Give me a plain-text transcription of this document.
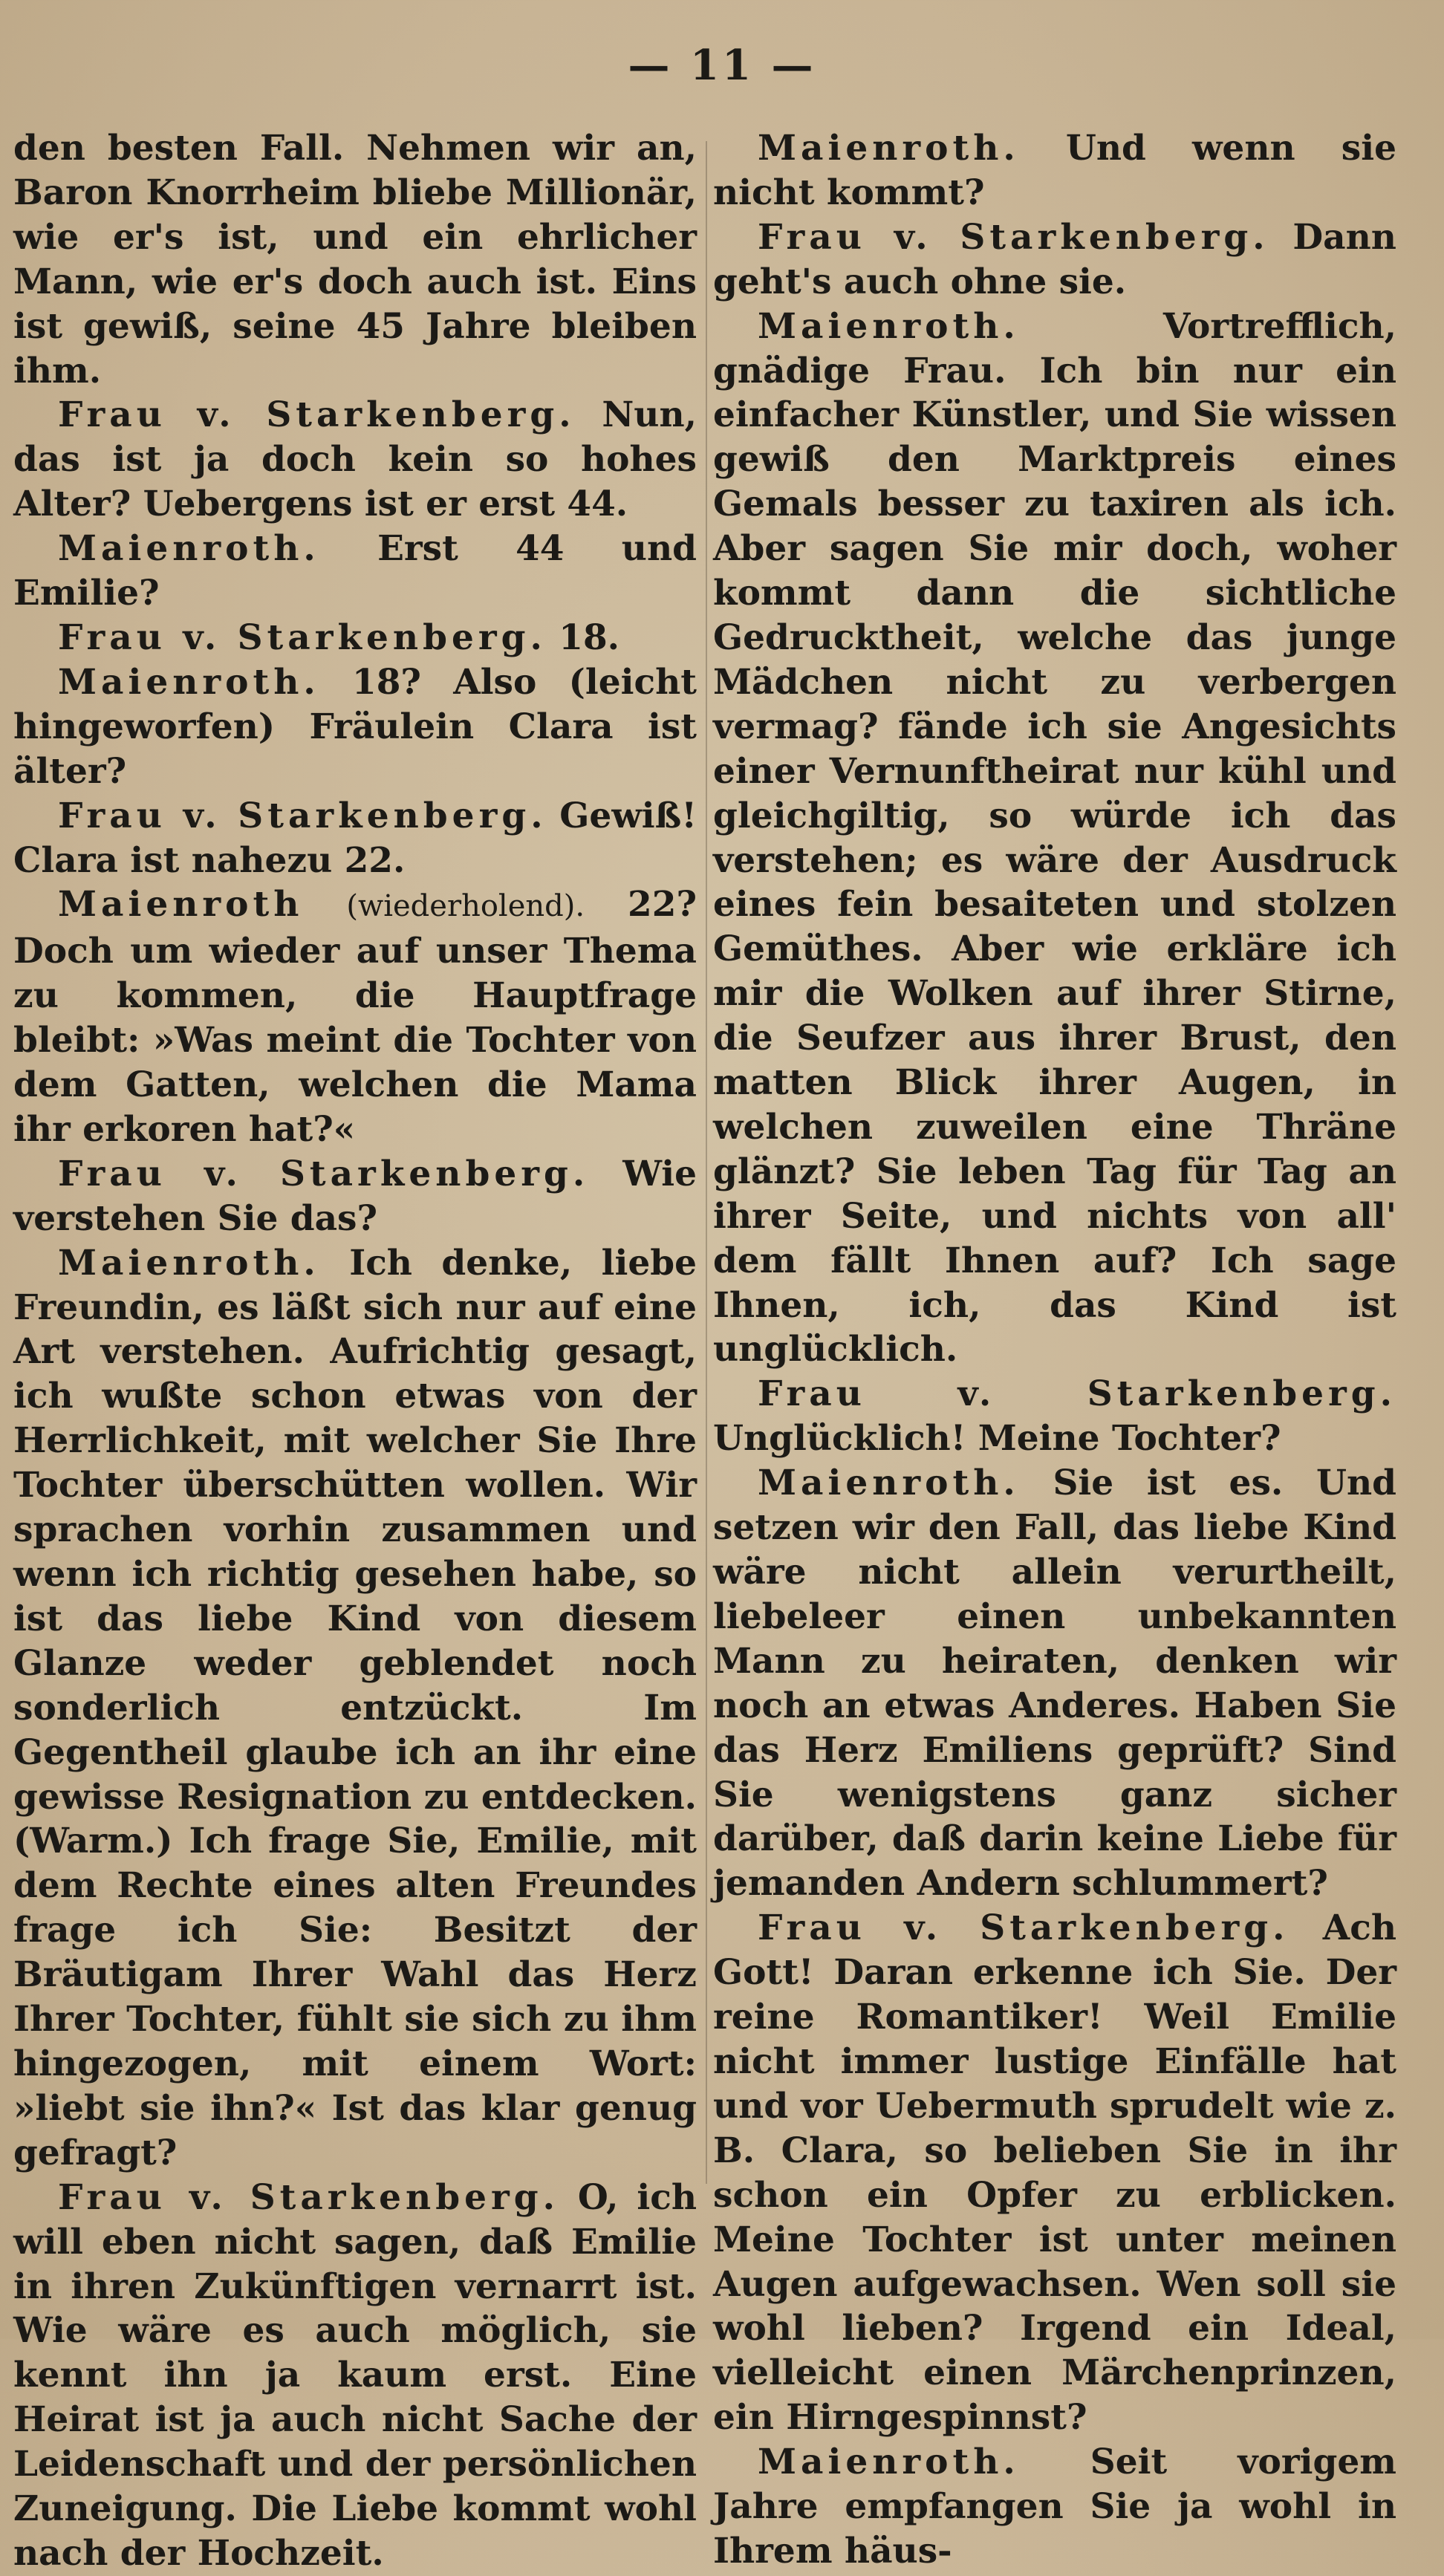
— 11 —

den besten Fall. Nehmen wir an, Baron Knorrheim bliebe Millionär, wie er's ist, und ein ehrlicher Mann, wie er's doch auch ist. Eins ist gewiß, seine 45 Jahre bleiben ihm.

Frau v. Starkenberg. Nun, das ist ja doch kein so hohes Alter? Uebergens ist er erst 44.

Maienroth. Erst 44 und Emilie?

Frau v. Starkenberg. 18.

Maienroth. 18? Also (leicht hingeworfen) Fräulein Clara ist älter?

Frau v. Starkenberg. Gewiß! Clara ist nahezu 22.

Maienroth (wiederholend). 22? Doch um wieder auf unser Thema zu kommen, die Hauptfrage bleibt: »Was meint die Tochter von dem Gatten, welchen die Mama ihr erkoren hat?«

Frau v. Starkenberg. Wie verstehen Sie das?

Maienroth. Ich denke, liebe Freundin, es läßt sich nur auf eine Art verstehen. Aufrichtig gesagt, ich wußte schon etwas von der Herrlichkeit, mit welcher Sie Ihre Tochter überschütten wollen. Wir sprachen vorhin zusammen und wenn ich richtig gesehen habe, so ist das liebe Kind von diesem Glanze weder geblendet noch sonderlich entzückt. Im Gegentheil glaube ich an ihr eine gewisse Resignation zu entdecken. (Warm.) Ich frage Sie, Emilie, mit dem Rechte eines alten Freundes frage ich Sie: Besitzt der Bräutigam Ihrer Wahl das Herz Ihrer Tochter, fühlt sie sich zu ihm hingezogen, mit einem Wort: »liebt sie ihn?« Ist das klar genug gefragt?

Frau v. Starkenberg. O, ich will eben nicht sagen, daß Emilie in ihren Zukünftigen vernarrt ist. Wie wäre es auch möglich, sie kennt ihn ja kaum erst. Eine Heirat ist ja auch nicht Sache der Leidenschaft und der persönlichen Zuneigung. Die Liebe kommt wohl nach der Hochzeit.

Maienroth. Und wenn sie nicht kommt?

Frau v. Starkenberg. Dann geht's auch ohne sie.

Maienroth.	Vortrefflich, gnädige Frau. Ich bin nur ein einfacher Künstler, und Sie wissen gewiß den Marktpreis eines Gemals besser zu taxiren als ich. Aber sagen Sie mir doch, woher kommt dann die sichtliche Gedrucktheit, welche das junge Mädchen nicht zu verbergen vermag? fände ich sie Angesichts einer Vernunftheirat nur kühl und gleichgiltig, so würde ich das verstehen; es wäre der Ausdruck eines fein besaiteten und stolzen Gemüthes. Aber wie erkläre ich mir die Wolken auf ihrer Stirne, die Seufzer aus ihrer Brust, den matten Blick ihrer Augen, in welchen zuweilen eine Thräne glänzt? Sie leben Tag für Tag an ihrer Seite, und nichts von all' dem fällt Ihnen auf? Ich sage Ihnen, ich, das Kind ist unglücklich.

Frau v. Starkenberg. Unglücklich! Meine Tochter?

Maienroth. Sie ist es. Und setzen wir den Fall, das liebe Kind wäre nicht allein verurtheilt, liebeleer einen unbekannten Mann zu heiraten, denken wir noch an etwas Anderes. Haben Sie das Herz Emiliens geprüft? Sind Sie wenigstens ganz sicher darüber, daß darin keine Liebe für jemanden Andern schlummert?

Frau v. Starkenberg. Ach Gott! Daran erkenne ich Sie. Der reine Romantiker! Weil Emilie nicht immer lustige Einfälle hat und vor Uebermuth sprudelt wie z. B. Clara, so belieben Sie in ihr schon ein Opfer zu erblicken. Meine Tochter ist unter meinen Augen aufgewachsen. Wen soll sie wohl lieben? Irgend ein Ideal, vielleicht einen Märchenprinzen, ein Hirngespinnst?

Maienroth. Seit vorigem Jahre empfangen Sie ja wohl in Ihrem häus-
